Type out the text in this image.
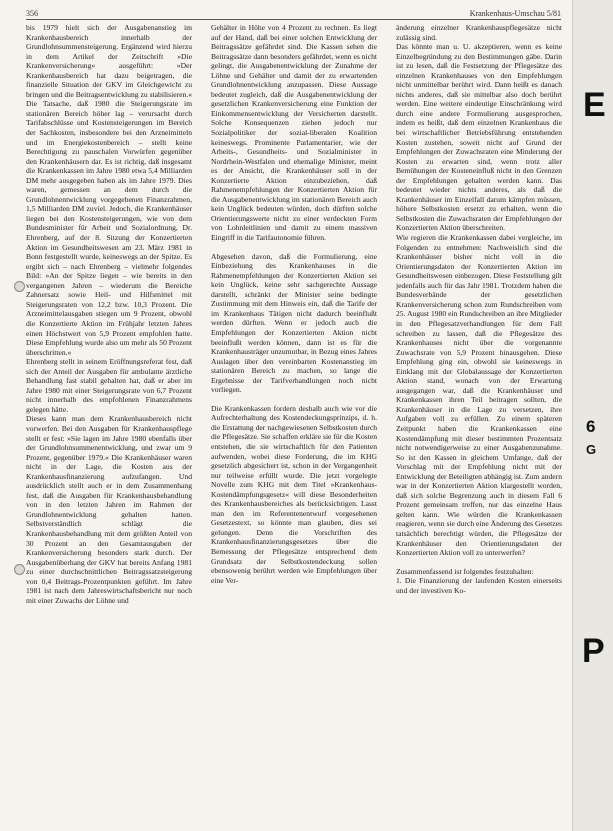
356	Krankenhaus-Umschau 5/81

bis 1979 hielt sich der Ausgabenanstieg im Krankenhausbereich innerhalb der Grundlohnsummensteigerung. Ergänzend wird hierzu in dem Artikel der Zeitschrift »Die Krankenversicherung« ausgeführt: »Der Krankenhausbereich hat dazu beigetragen, die finanzielle Situation der GKV im Gleichgewicht zu bringen und die Beitragsentwicklung zu stabilisieren.« Die Tatsache, daß 1980 die Steigerungsrate im stationären Bereich höher lag – verursacht durch Tarifabschlüsse und Kostensteigerungen im Bereich der Sachkosten, insbesondere bei den Arzneimitteln und im Energiekostenbereich – stellt keine Berechtigung zu pauschalen Vorwürfen gegenüber den Krankenhäusern dar. Es ist richtig, daß insgesamt die Krankenkassen im Jahre 1980 etwa 5,4 Milliarden DM mehr ausgegeben haben als im Jahre 1979. Dies waren, gemessen an dem durch die Grundlohnentwicklung vorgegebenen Finanzrahmen, 1,5 Milliarden DM zuviel. Jedoch, die Krankenhäuser liegen bei den Kostensteigerungen, wie von dem Bundesminister für Arbeit und Sozialordnung, Dr. Ehrenberg, auf der 8. Sitzung der Konzertierten Aktion im Gesundheitswesen am 23. März 1981 in Bonn festgestellt wurde, keineswegs an der Spitze. Es ergibt sich – nach Ehrenberg – vielmehr folgendes Bild: »An der Spitze liegen – wie bereits in den vergangenen Jahren – wiederum die Bereiche Zahnersatz sowie Heil- und Hilfsmittel mit Steigerungsraten von 12,2 bzw. 10,3 Prozent. Die Arzneimittelausgaben stiegen um 9 Prozent, obwohl die Konzertierte Aktion im Frühjahr letzten Jahres einen Höchstwert von 5,9 Prozent empfohlen hatte. Diese Empfehlung wurde also um mehr als 50 Prozent überschritten.«

Ehrenberg stellt in seinem Eröffnungsreferat fest, daß sich der Anteil der Ausgaben für ambulante ärztliche Behandlung fast stabil gehalten hat, daß er aber im Jahre 1980 mit einer Steigerungsrate von 6,7 Prozent nicht innerhalb des empfohlenen Finanzrahmens gelegen hätte.

Dieses kann man dem Krankenhausbereich nicht vorwerfen. Bei den Ausgaben für Krankenhauspflege stellt er fest: »Sie lagen im Jahre 1980 ebenfalls über der Grundlohnsummenentwicklung, und zwar um 9 Prozent, gegenüber 1979.« Die Krankenhäuser waren nicht in der Lage, die Kosten aus der Krankenhausfinanzierung aufzufangen. Und ausdrücklich stellt auch er in dem Zusammenhang fest, daß die Ausgaben für Krankenhausbehandlung von in den letzten Jahren im Rahmen der Grundlohnentwicklung gehalten hatten. Selbstverständlich schlägt die Krankenhausbehandlung mit dem größten Anteil von 30 Prozent an den Gesamtausgaben der Krankenversicherung besonders stark durch. Der Ausgabenüberhang der GKV hat bereits Anfang 1981 zu einer durchschnittlichen Beitragssatzsteigerung von 0,4 Beitrags-Prozentpunkten geführt. Im Jahre 1981 ist nach dem Jahreswirtschaftsbericht nur noch mit einer Zuwachs der Löhne und

Gehälter in Höhe von 4 Prozent zu rechnen. Es liegt auf der Hand, daß bei einer solchen Entwicklung der Beitragssätze gefährdet sind. Die Kassen sehen die Beitragssätze dann besonders gefährdet, wenn es nicht gelingt, die Ausgabenentwicklung der Zunahme der Löhne und Gehälter und damit der zu erwartenden Grundlohnentwicklung anzupassen. Diese Aussage bedeutet zugleich, daß die Ausgabenentwicklung der gesetzlichen Krankenversicherung eine Funktion der Einkommensentwicklung der Versicherten darstellt. Solche Konsequenzen ziehen jedoch nur Sozialpolitiker der sozial-liberalen Koalition keineswegs. Prominente Parlamentarier, wie der Arbeits-, Gesundheits- und Sozialminister in Nordrhein-Westfalen und ehemalige Minister, meint es der Ansicht, die Krankenhäuser soll in der Konzertierte Aktion einzubeziehen, daß Rahmenempfehlungen der Konzertierten Aktion für die Ausgabenentwicklung im stationären Bereich auch kein Unglück bedeuten würden, doch dürften solche Orientierungswerte nicht zu einer verdeckten Form von Lohnleitlinien und damit zu einem massiven Eingriff in die Tarifautonomie führen.

Abgesehen davon, daß die Formulierung, eine Einbeziehung des Krankenhauses in die Rahmenempfehlungen der Konzertierten Aktion sei kein Unglück, keine sehr sachgerechte Aussage darstellt, schränkt der Minister seine bedingte Zustimmung mit dem Hinweis ein, daß die Tarife der im Krankenhaus Tätigen nicht dadurch beeinflußt werden dürften. Wenn er jedoch auch die Empfehlungen der Konzertierten Aktion nicht beeinflußt werden können, dann ist es für die Krankenhausträger unzumutbar, in Bezug eines Jahres Auslagen über den vereinbarten Kostenanstieg im stationären Bereich zu machen, so lange die Ergebnisse der Tarifverhandlungen noch nicht vorliegen.

Die Krankenkassen fordern deshalb auch wie vor die Aufrechterhaltung des Kostendeckungsprinzips, d. h. die Erstattung der nachgewiesenen Selbstkosten durch die Pflegesätze. Sie schaffen erkläre sie für die Kosten entstehen, die sie wirtschaftlich für den Patienten aufwenden, wobei diese Forderung, die im KHG gesetzlich abgesichert ist, schon in der Vergangenheit nur teilweise erfüllt wurde. Die jetzt vorgelegte Novelle zum KHG mit dem Titel »Krankenhaus-Kostendämpfungsgesetz« will diese Besonderheiten des Krankenhausbereiches als berücksichtigen. Lasst man den im Referentenentwurf vorgesehenen Gesetzestext, so könnte man glauben, dies sei gelungen. Denn die Vorschriften des Krankenhausfinanzierungsgesetzes über die Bemessung der Pflegesätze entsprechend dem Grundsatz der Selbstkostendeckung sollen ebensowenig berührt werden wie Empfehlungen über eine Ver-

änderung einzelner Krankenhauspflegesätze nicht zulässig sind.

Das könnte man u. U. akzeptieren, wenn es keine Einzelbegründung zu den Bestimmungen gäbe. Darin ist zu lesen, daß die Festsetzung der Pflegesätze des einzelnen Krankenhauses von den Empfehlungen nicht unmittelbar berührt wird. Dann heißt es danach nichts anderes, daß sie mittelbar also doch berührt werden. Eine weitere eindeutige Einschränkung wird durch eine andere Formulierung ausgesprochen, indem es heißt, daß dem einzelnen Krankenhaus die bei wirtschaftlicher Betriebsführung entstehenden Kosten zustehen, soweit nicht auf Grund der Empfehlungen der Zuwachsraten eine Minderung der Kosten zu erwarten sind, wenn trotz aller Bemühungen der Kosteneinfluß nicht in den Grenzen der Empfehlungen gehalten werden kann. Das bedeutet wieder nichts anderes, als daß die Krankenhäuser im Einzelfall darum kämpfen müssen, höhere Selbstkosten ersetzt zu erhalten, wenn die Selbstkosten die Zuwachsraten der Empfehlungen der Konzertierten Aktion überschreiten.

Wie regieren die Krankenkassen dabei vergleiche, im Folgenden zu entnehmen: Nachweislich sind die Krankenhäuser bisher nicht voll in die Orientierungsdaten der Konzertierten Aktion im Gesundheitswesen einbezogen. Diese Feststellung gilt jedenfalls auch für das Jahr 1981. Trotzdem haben die Bundesverbände der gesetzlichen Krankenversicherung schon zum Rundschreiben vom 25. August 1980 ein Rundschreiben an ihre Mitglieder in den Pflegesatzverhandlungen für dem Fall schreiben zu lassen, daß die Pflegesätze des Krankenhauses nicht über die vorgenannte Zuwachsrate von 5,9 Prozent hinausgehen. Diese Empfehlung ging ein, obwohl sie keineswegs in Einklang mit der Globalaussage der Konzertierten Aktion stand, wonach von der Erwartung ausgegangen war, daß die Krankenhäuser und Krankenkassen ihren Teil beitragen sollten, die Krankenhäuser in die Lage zu versetzen, ihre Aufgaben voll zu erfüllen. Zu einem späteren Zeitpunkt haben die Krankenkassen eine Kostendämpfung mit dieser bestimmten Prozentsatz nicht notwendigerweise zu einer Ausgabenzunahme. So ist den Kassen in gleichem Umfange, daß der Vorschlag mit der Empfehlung nicht mit der Entwicklung der Beteiligten abhängig ist. Zum andern war in der Konzertierten Aktion klargestellt worden, daß sich solche Begrenzung auch in diesem Fall 6 Prozent gemeinsam treffen, nur das einzelne Haus gelten kann. Wie würden die Krankenkassen reagieren, wenn sie durch eine Änderung des Gesetzes tatsächlich berechtigt würden, die Pflegesätze der Krankenhäuser den Orientierungsdaten der Konzertierten Aktion voll zu unterwerfen?

Zusammenfassend ist folgendes festzuhalten:

1. Die Finanzierung der laufenden Kosten einerseits und der investiven Ko-

E
6
G
P
